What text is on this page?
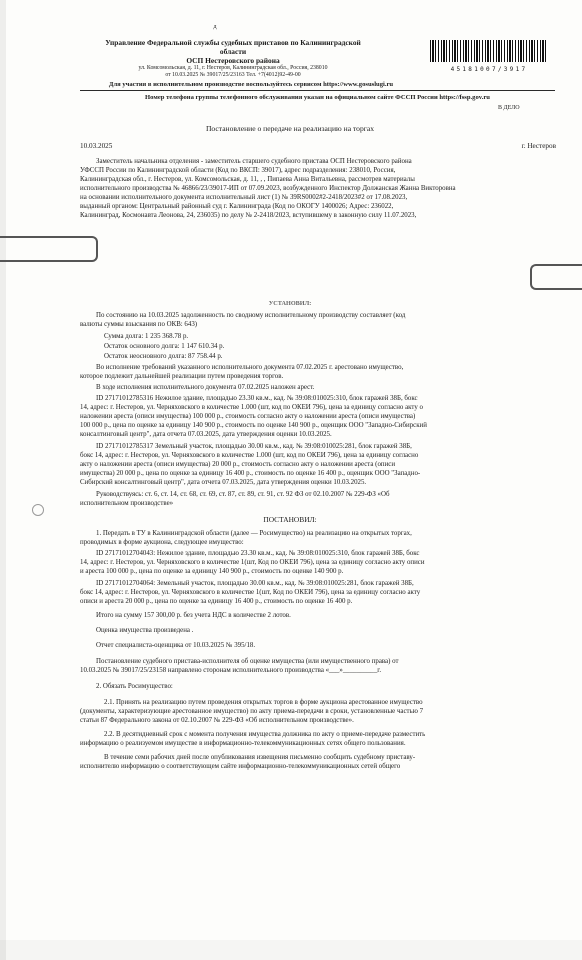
д
Управление Федеральной службы судебных приставов по Калининградской
области
ОСП Нестеровского района
ул. Комсомольская, д. 11, г. Нестеров, Калининградская обл., Россия, 238010
от 10.03.2025 № 39017/25/23163 Тел. +7(4012)92-49-00
Для участия в исполнительном производстве воспользуйтесь сервисом https://www.gosuslugi.ru
Номер телефона группы телефонного обслуживания указан на официальном сайте ФССП России https://fssp.gov.ru
45181007/3917
В ДЕЛО
Постановление о передаче на реализацию на торгах
10.03.2025	г. Нестеров
Заместитель начальника отделения - заместитель старшего судебного пристава ОСП Нестеровского района
УФССП России по Калининградской области (Код по ВКСП: 39017), адрес подразделения: 238010, Россия,
Калининградская обл., г. Нестеров, ул. Комсомольская, д. 11, , , Пипаева Анна Витальевна, рассмотрев материалы
исполнительного производства № 46866/23/39017-ИП от 07.09.2023, возбужденного Инспектор Должанская Жанна Викторовна
на основании исполнительного документа исполнительный лист (1) № 39RS0002#2-2418/2023#2 от 17.08.2023,
выданный органом: Центральный районный суд г. Калининграда (Код по ОКОГУ 1400026; Адрес: 236022,
Калининград, Космонавта Леонова, 24, 236035) по делу № 2-2418/2023, вступившему в законную силу 11.07.2023,
УСТАНОВИЛ:
По состоянию на 10.03.2025 задолженность по сводному исполнительному производству составляет (код
валюты суммы взыскания по ОКВ: 643)
Сумма долга: 1 235 368.78 р.
Остаток основного долга: 1 147 610.34 р.
Остаток неосновного долга: 87 758.44 р.
Во исполнение требований указанного исполнительного документа 07.02.2025 г. арестовано имущество,
которое подлежит дальнейшей реализации путем проведения торгов.
В ходе исполнения исполнительного документа 07.02.2025 наложен арест.
ID 27171012785316 Нежилое здание, площадью 23.30 кв.м., кад. № 39:08:010025:310, блок гаражей 38Б, бокс
14, адрес: г. Нестеров, ул. Черняховского в количестве 1.000 (шт, код по ОКЕИ 796), цена за единицу согласно акту о
наложении ареста (описи имущества) 100 000 р., стоимость согласно акту о наложении ареста (описи имущества)
100 000 р., цена по оценке за единицу 140 900 р., стоимость по оценке 140 900 р., оценщик ООО "Западно-Сибирский
консалтинговый центр", дата отчета 07.03.2025, дата утверждения оценки 10.03.2025.
ID 27171012785317 Земельный участок, площадью 30.00 кв.м., кад. № 39:08:010025:281, блок гаражей 38Б,
бокс 14, адрес: г. Нестеров, ул. Черняховского в количестве 1.000 (шт, код по ОКЕИ 796), цена за единицу согласно
акту о наложении ареста (описи имущества) 20 000 р., стоимость согласно акту о наложении ареста (описи
имущества) 20 000 р., цена по оценке за единицу 16 400 р., стоимость по оценке 16 400 р., оценщик ООО "Западно-
Сибирский консалтинговый центр", дата отчета 07.03.2025, дата утверждения оценки 10.03.2025.
Руководствуясь: ст. 6, ст. 14, ст. 68, ст. 69, ст. 87, ст. 89, ст. 91, ст. 92 ФЗ от 02.10.2007 № 229-ФЗ «Об
исполнительном производстве»
ПОСТАНОВИЛ:
1. Передать в ТУ в Калининградской области (далее — Росимущество) на реализацию на открытых торгах,
проводимых в форме аукциона, следующее имущество:
ID 27171012704043: Нежилое здание, площадью 23.30 кв.м., кад. № 39:08:010025:310, блок гаражей 38Б, бокс
14, адрес: г. Нестеров, ул. Черняховского в количестве 1(шт, Код по ОКЕИ 796), цена за единицу согласно акту описи
и ареста 100 000 р., цена по оценке за единицу 140 900 р., стоимость по оценке 140 900 р.
ID 27171012704064: Земельный участок, площадью 30.00 кв.м., кад. № 39:08:010025:281, блок гаражей 38Б,
бокс 14, адрес: г. Нестеров, ул. Черняховского в количестве 1(шт, Код по ОКЕИ 796), цена за единицу согласно акту
описи и ареста 20 000 р., цена по оценке за единицу 16 400 р., стоимость по оценке 16 400 р.
Итого на сумму 157 300,00 р. без учета НДС в количестве 2 лотов.
Оценка имущества произведена .
Отчет специалиста-оценщика от 10.03.2025 № 395/18.
Постановление судебного пристава-исполнителя об оценке имущества (или имущественного права) от
10.03.2025 № 39017/25/23158 направлено сторонам исполнительного производства «___»__________г.
2. Обязать Росимущество:
2.1. Принять на реализацию путем проведения открытых торгов в форме аукциона арестованное имущество
(документы, характеризующие арестованное имущество) по акту приема-передачи в сроки, установленные частью 7
статьи 87 Федерального закона от 02.10.2007 № 229-ФЗ «Об исполнительном производстве».
2.2. В десятидневный срок с момента получения имущества должника по акту о приеме-передаче разместить
информацию о реализуемом имуществе в информационно-телекоммуникационных сетях общего пользования.
В течение семи рабочих дней после опубликования извещения письменно сообщить судебному приставу-
исполнителю информацию о соответствующем сайте информационно-телекоммуникационных сетей общего
